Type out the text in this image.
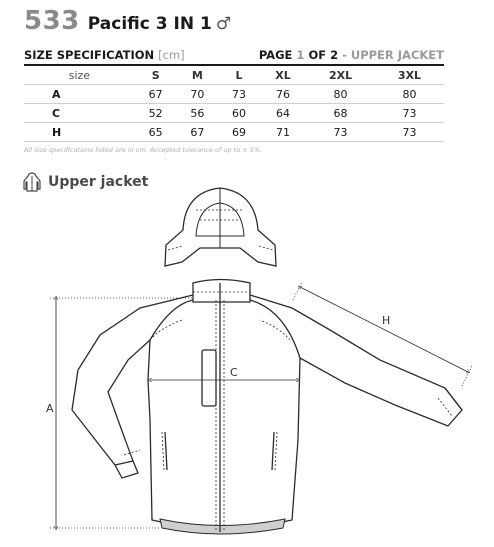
533 Pacific 3 IN 1 ♂
SIZE SPECIFICATION [cm]	PAGE 1 OF 2 - UPPER JACKET
size	S	M	L	XL	2XL	3XL
A	67	70	73	76	80	80
C	52	56	60	64	68	73
H	65	67	69	71	73	73
All size specifications listed are in cm. Accepted tolerance of up to ± 5%.
Upper jacket
A
C
H
